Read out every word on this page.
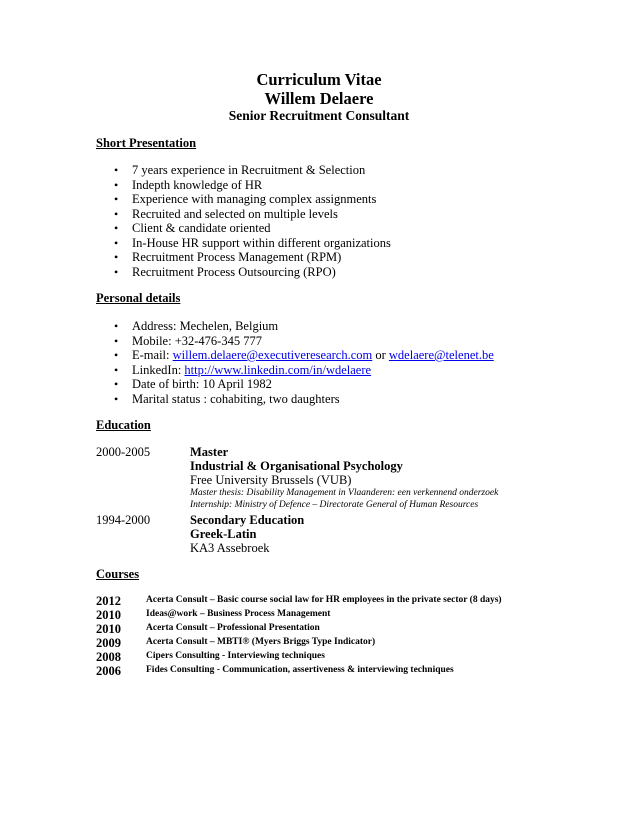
Curriculum Vitae
Willem Delaere
Senior Recruitment Consultant
Short Presentation
• 7 years experience in Recruitment & Selection
• Indepth knowledge of HR
• Experience with managing complex assignments
• Recruited and selected on multiple levels
• Client & candidate oriented
• In-House HR support within different organizations
• Recruitment Process Management (RPM)
• Recruitment Process Outsourcing (RPO)
Personal details
• Address: Mechelen, Belgium
• Mobile: +32-476-345 777
• E-mail: willem.delaere@executiveresearch.com or wdelaere@telenet.be
• LinkedIn: http://www.linkedin.com/in/wdelaere
• Date of birth: 10 April 1982
• Marital status : cohabiting, two daughters
Education
2000-2005	Master
Industrial & Organisational Psychology
Free University Brussels (VUB)
Master thesis: Disability Management in Vlaanderen: een verkennend onderzoek
Internship: Ministry of Defence – Directorate General of Human Resources
1994-2000	Secondary Education
Greek-Latin
KA3 Assebroek
Courses
2012	Acerta Consult – Basic course social law for HR employees in the private sector (8 days)
2010	Ideas@work – Business Process Management
2010	Acerta Consult – Professional Presentation
2009	Acerta Consult – MBTI® (Myers Briggs Type Indicator)
2008	Cipers Consulting - Interviewing techniques
2006	Fides Consulting - Communication, assertiveness & interviewing techniques
